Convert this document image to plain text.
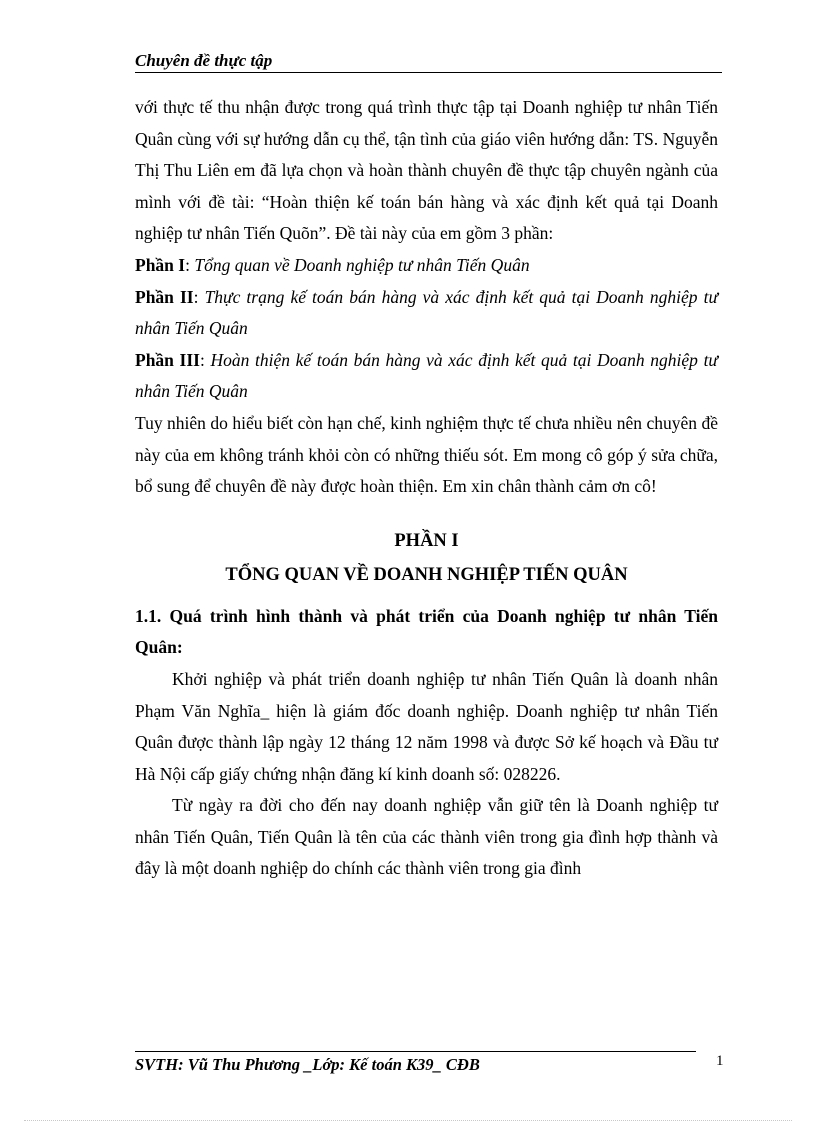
Chuyên đề thực tập

với thực tế thu nhận được trong quá trình thực tập tại Doanh nghiệp tư nhân Tiến Quân cùng với sự hướng dẫn cụ thể, tận tình của giáo viên hướng dẫn: TS. Nguyễn Thị Thu Liên em đã lựa chọn và hoàn thành chuyên đề thực tập chuyên ngành của mình với đề tài: “Hoàn thiện kế toán bán hàng và xác định kết quả tại Doanh nghiệp tư nhân Tiến Quõn”. Đề tài này của em gồm 3 phần:

Phần I: Tổng quan về Doanh nghiệp tư nhân Tiến Quân

Phần II: Thực trạng kế toán bán hàng và xác định kết quả tại Doanh nghiệp tư nhân Tiến Quân

Phần III: Hoàn thiện kế toán bán hàng và xác định kết quả tại Doanh nghiệp tư nhân Tiến Quân

Tuy nhiên do hiểu biết còn hạn chế, kinh nghiệm thực tế chưa nhiều nên chuyên đề này của em không tránh khỏi còn có những thiếu sót. Em mong cô góp ý sửa chữa, bổ sung để chuyên đề này được hoàn thiện. Em xin chân thành cảm ơn cô!

PHẦN I

TỔNG QUAN VỀ DOANH NGHIỆP TIẾN QUÂN

1.1. Quá trình hình thành và phát triển của Doanh nghiệp tư nhân Tiến Quân:

Khởi nghiệp và phát triển doanh nghiệp tư nhân Tiến Quân là doanh nhân Phạm Văn Nghĩa_ hiện là giám đốc doanh nghiệp. Doanh nghiệp tư nhân Tiến Quân được thành lập ngày 12 tháng 12 năm 1998 và được Sở kế hoạch và Đầu tư Hà Nội cấp giấy chứng nhận đăng kí kinh doanh số: 028226.

Từ ngày ra đời cho đến nay doanh nghiệp vẫn giữ tên là Doanh nghiệp tư nhân Tiến Quân, Tiến Quân là tên của các thành viên trong gia đình hợp thành và đây là một doanh nghiệp do chính các thành viên trong gia đình

SVTH: Vũ Thu Phương _Lớp: Kế toán K39_ CĐB	1
